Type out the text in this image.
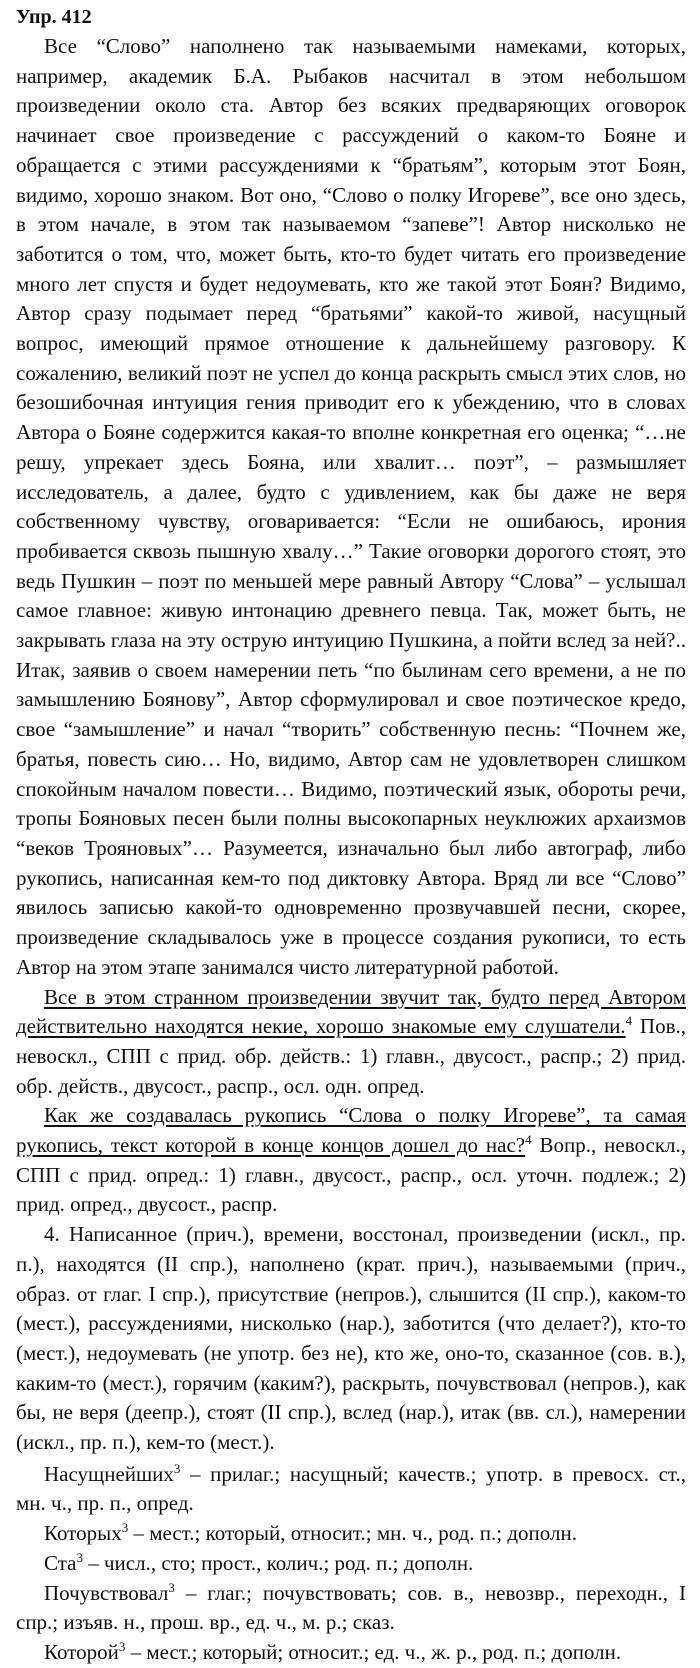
Упр. 412

Все “Слово” наполнено так называемыми намеками, которых, например, академик Б.А. Рыбаков насчитал в этом небольшом произведении около ста. Автор без всяких предваряющих оговорок начинает свое произведение с рассуждений о каком-то Бояне и обращается с этими рассуждениями к “братьям”, которым этот Боян, видимо, хорошо знаком. Вот оно, “Слово о полку Игореве”, все оно здесь, в этом начале, в этом так называемом “запеве”! Автор нисколько не заботится о том, что, может быть, кто-то будет читать его произведение много лет спустя и будет недоумевать, кто же такой этот Боян? Видимо, Автор сразу подымает перед “братьями” какой-то живой, насущный вопрос, имеющий прямое отношение к дальнейшему разговору. К сожалению, великий поэт не успел до конца раскрыть смысл этих слов, но безошибочная интуиция гения приводит его к убеждению, что в словах Автора о Бояне содержится какая-то вполне конкретная его оценка; “…не решу, упрекает здесь Бояна, или хвалит… поэт”, – размышляет исследователь, а далее, будто с удивлением, как бы даже не веря собственному чувству, оговаривается: “Если не ошибаюсь, ирония пробивается сквозь пышную хвалу…” Такие оговорки дорогого стоят, это ведь Пушкин – поэт по меньшей мере равный Автору “Слова” – услышал самое главное: живую интонацию древнего певца. Так, может быть, не закрывать глаза на эту острую интуицию Пушкина, а пойти вслед за ней?.. Итак, заявив о своем намерении петь “по былинам сего времени, а не по замышлению Боянову”, Автор сформулировал и свое поэтическое кредо, свое “замышление” и начал “творить” собственную песнь: “Почнем же, братья, повесть сию… Но, видимо, Автор сам не удовлетворен слишком спокойным началом повести… Видимо, поэтический язык, обороты речи, тропы Бояновых песен были полны высокопарных неуклюжих архаизмов “веков Трояновых”… Разумеется, изначально был либо автограф, либо рукопись, написанная кем-то под диктовку Автора. Вряд ли все “Слово” явилось записью какой-то одновременно прозвучавшей песни, скорее, произведение складывалось уже в процессе создания рукописи, то есть Автор на этом этапе занимался чисто литературной работой.

Все в этом странном произведении звучит так, будто перед Автором действительно находятся некие, хорошо знакомые ему слушатели.$^4$ Пов., невоскл., СПП с прид. обр. действ.: 1) главн., двусост., распр.; 2) прид. обр. действ., двусост., распр., осл. одн. опред.

Как же создавалась рукопись “Слова о полку Игореве”, та самая рукопись, текст которой в конце концов дошел до нас?$^4$ Вопр., невоскл., СПП с прид. опред.: 1) главн., двусост., распр., осл. уточн. подлеж.; 2) прид. опред., двусост., распр.

4. Написанное (прич.), времени, восстонал, произведении (искл., пр. п.), находятся (II спр.), наполнено (крат. прич.), называемыми (прич., образ. от глаг. I спр.), присутствие (непров.), слышится (II спр.), каком-то (мест.), рассуждениями, нисколько (нар.), заботится (что делает?), кто-то (мест.), недоумевать (не употр. без не), кто же, оно-то, сказанное (сов. в.), каким-то (мест.), горячим (каким?), раскрыть, почувствовал (непров.), как бы, не веря (деепр.), стоят (II спр.), вслед (нар.), итак (вв. сл.), намерении (искл., пр. п.), кем-то (мест.).

Насущнейших$^3$ – прилаг.; насущный; качеств.; употр. в превосх. ст., мн. ч., пр. п., опред.

Которых$^3$ – мест.; который, относит.; мн. ч., род. п.; дополн.

Ста$^3$ – числ., сто; прост., колич.; род. п.; дополн.

Почувствовал$^3$ – глаг.; почувствовать; сов. в., невозвр., переходн., I спр.; изъяв. н., прош. вр., ед. ч., м. р.; сказ.

Которой$^3$ – мест.; который; относит.; ед. ч., ж. р., род. п.; дополн.
